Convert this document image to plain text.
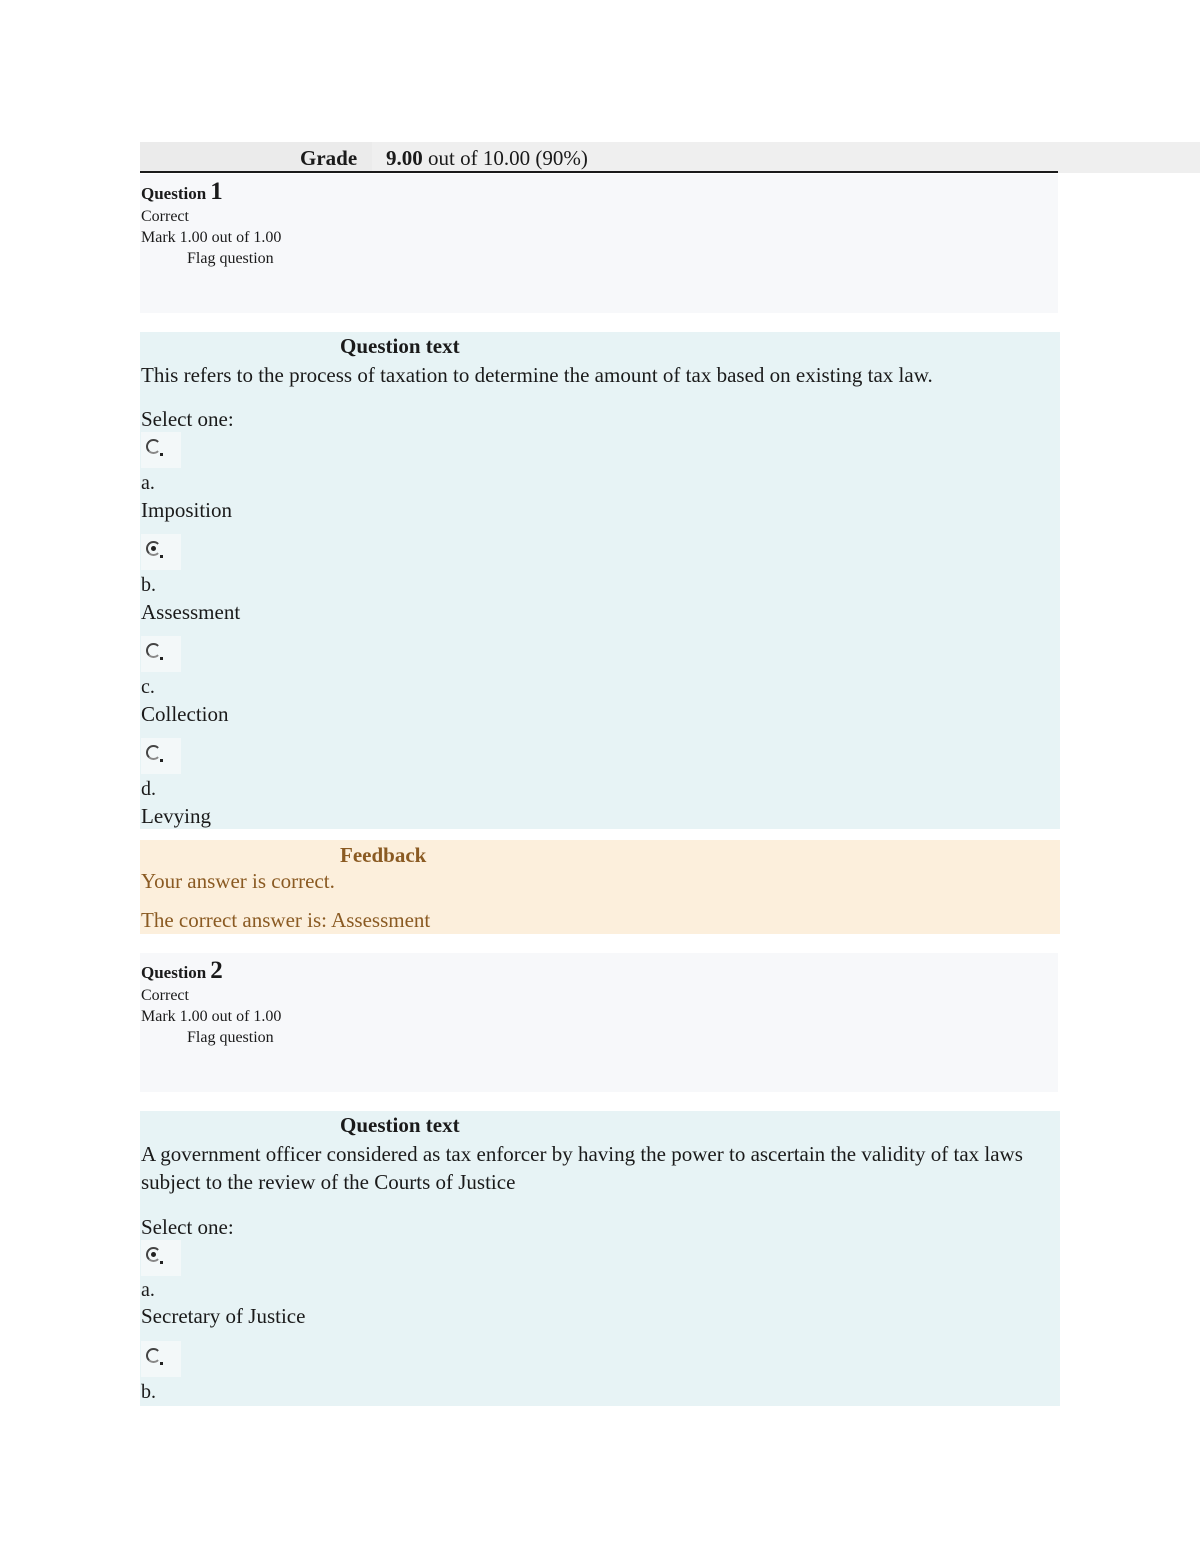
Grade 9.00 out of 10.00 (90%)
Question 1
Correct
Mark 1.00 out of 1.00
Flag question
Question text
This refers to the process of taxation to determine the amount of tax based on existing tax law.
Select one:
a.
Imposition
b.
Assessment
c.
Collection
d.
Levying
Feedback
Your answer is correct.
The correct answer is: Assessment
Question 2
Correct
Mark 1.00 out of 1.00
Flag question
Question text
A government officer considered as tax enforcer by having the power to ascertain the validity of tax laws subject to the review of the Courts of Justice
Select one:
a.
Secretary of Justice
b.
